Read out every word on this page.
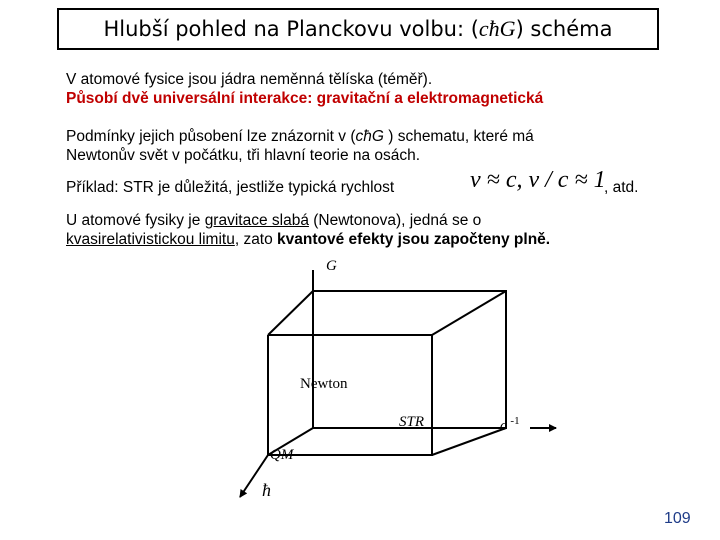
Hlubší pohled na Planckovu volbu: ( cħG ) schéma
V atomové fysice jsou jádra neměnná tělíska (téměř).
Působí dvě universální interakce: gravitační a elektromagnetická
Podmínky jejich působení lze znázornit v (cħG ) schematu, které má
Newtonův svět v počátku, tři hlavní teorie na osách.
Příklad: STR je důležitá, jestliže typická rychlost	v ≈ c, v / c ≈ 1
, atd.
U atomové fysiky je gravitace slabá (Newtonova), jedná se o
kvasirelativistickou limitu, zato kvantové efekty jsou započteny plně.
G
Newton
STR	c $^{-1}$
QM
ħ
109
